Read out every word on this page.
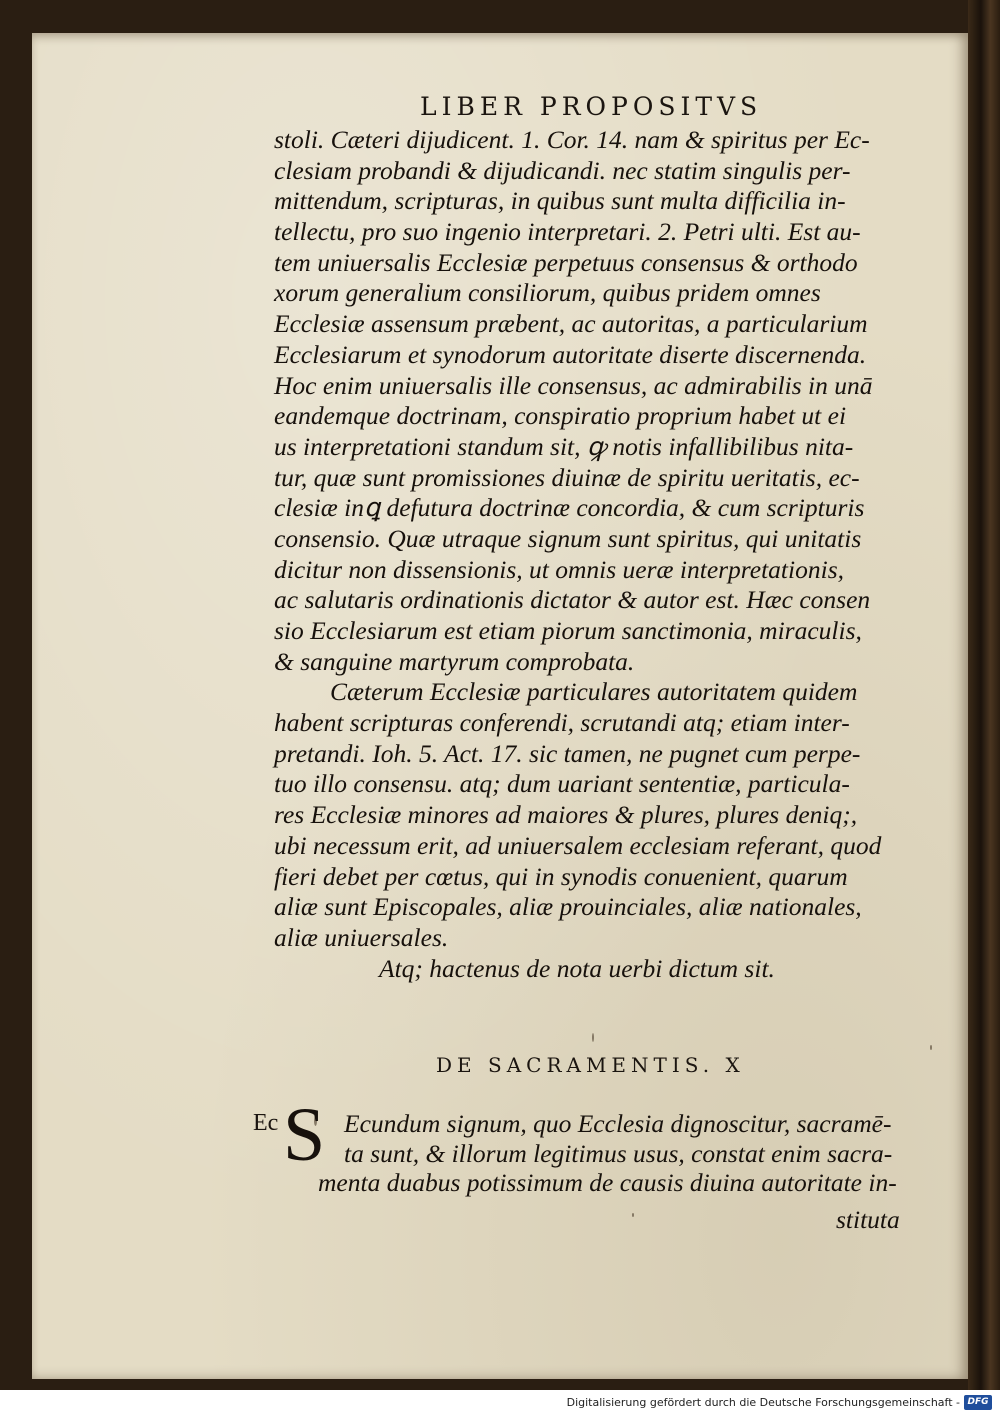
LIBER PROPOSITVS
stoli. Cæteri dijudicent. 1. Cor. 14. nam & spiritus per Ec-
clesiam probandi & dijudicandi. nec statim singulis per-
mittendum, scripturas, in quibus sunt multa difficilia in-
tellectu, pro suo ingenio interpretari. 2. Petri ulti. Est au-
tem uniuersalis Ecclesiæ perpetuus consensus & orthodo
xorum generalium consiliorum, quibus pridem omnes
Ecclesiæ assensum præbent, ac autoritas, a particularium
Ecclesiarum et synodorum autoritate diserte discernenda.
Hoc enim uniuersalis ille consensus, ac admirabilis in unā
eandemque doctrinam, conspiratio proprium habet ut ei
us interpretationi standum sit, ꝙ notis infallibilibus nita-
tur, quæ sunt promissiones diuinæ de spiritu ueritatis, ec-
clesiæ inꝗ defutura doctrinæ concordia, & cum scripturis
consensio. Quæ utraque signum sunt spiritus, qui unitatis
dicitur non dissensionis, ut omnis ueræ interpretationis,
ac salutaris ordinationis dictator & autor est. Hæc consen
sio Ecclesiarum est etiam piorum sanctimonia, miraculis,
& sanguine martyrum comprobata.
Cæterum Ecclesiæ particulares autoritatem quidem
habent scripturas conferendi, scrutandi atq; etiam inter-
pretandi. Ioh. 5. Act. 17. sic tamen, ne pugnet cum perpe-
tuo illo consensu. atq; dum uariant sententiæ, particula-
res Ecclesiæ minores ad maiores & plures, plures deniq;,
ubi necessum erit, ad uniuersalem ecclesiam referant, quod
fieri debet per cœtus, qui in synodis conuenient, quarum
aliæ sunt Episcopales, aliæ prouinciales, aliæ nationales,
aliæ uniuersales.
Atq; hactenus de nota uerbi dictum sit.
DE SACRAMENTIS. X
Ec S Ecundum signum, quo Ecclesia dignoscitur, sacramē-
ta sunt, & illorum legitimus usus, constat enim sacra-
menta duabus potissimum de causis diuina autoritate in-
stituta
Digitalisierung gefördert durch die Deutsche Forschungsgemeinschaft - DFG
